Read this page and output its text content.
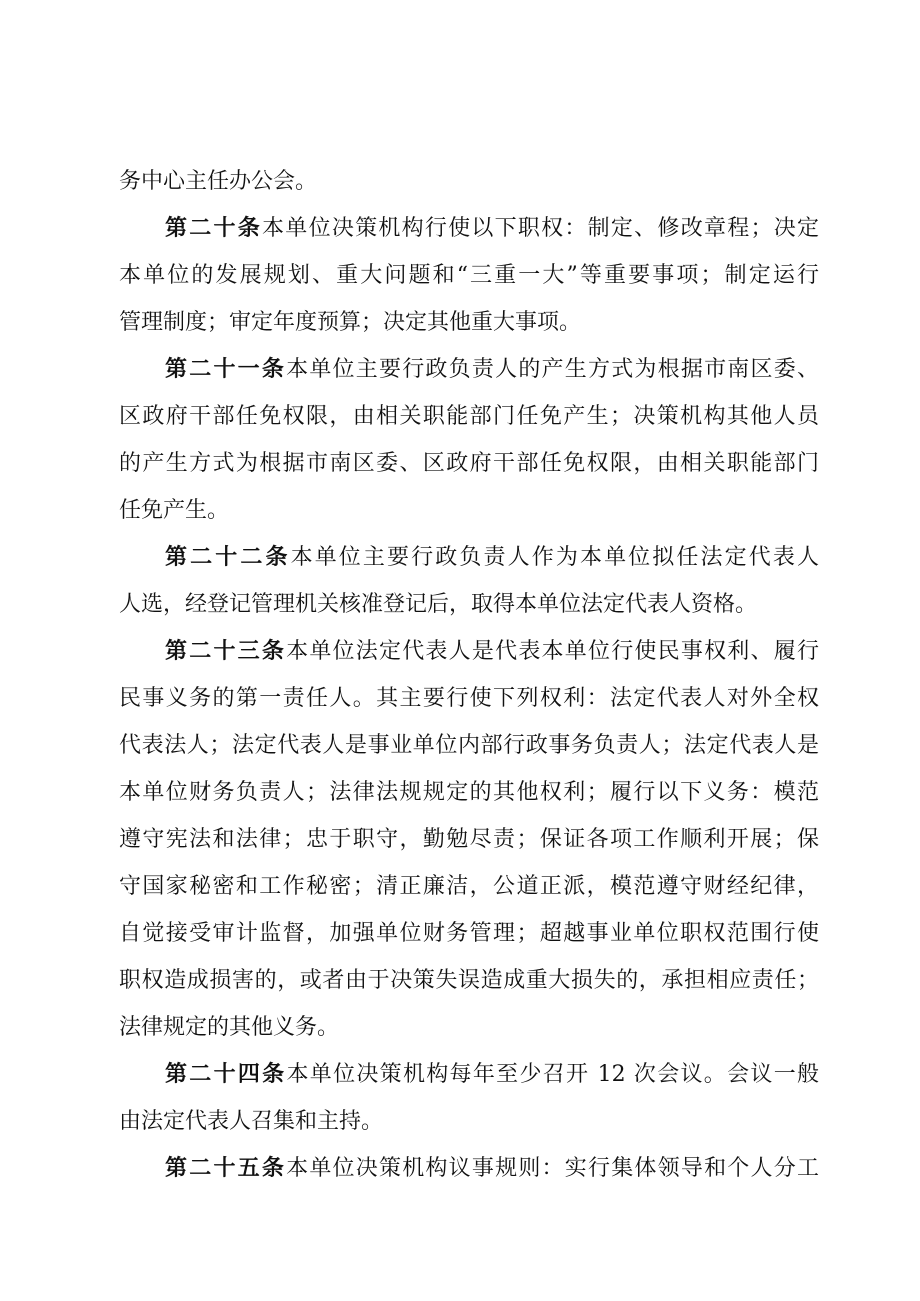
务中心主任办公会。
第二十条本单位决策机构行使以下职权：制定、修改章程；决定
本单位的发展规划、重大问题和“三重一大”等重要事项；制定运行
管理制度；审定年度预算；决定其他重大事项。
第二十一条本单位主要行政负责人的产生方式为根据市南区委、
区政府干部任免权限，由相关职能部门任免产生；决策机构其他人员
的产生方式为根据市南区委、区政府干部任免权限，由相关职能部门
任免产生。
第二十二条本单位主要行政负责人作为本单位拟任法定代表人
人选，经登记管理机关核准登记后，取得本单位法定代表人资格。
第二十三条本单位法定代表人是代表本单位行使民事权利、履行
民事义务的第一责任人。其主要行使下列权利：法定代表人对外全权
代表法人；法定代表人是事业单位内部行政事务负责人；法定代表人是
本单位财务负责人；法律法规规定的其他权利；履行以下义务：模范
遵守宪法和法律；忠于职守，勤勉尽责；保证各项工作顺利开展；保
守国家秘密和工作秘密；清正廉洁，公道正派，模范遵守财经纪律，
自觉接受审计监督，加强单位财务管理；超越事业单位职权范围行使
职权造成损害的，或者由于决策失误造成重大损失的，承担相应责任；
法律规定的其他义务。
第二十四条本单位决策机构每年至少召开 12 次会议。会议一般
由法定代表人召集和主持。
第二十五条本单位决策机构议事规则：实行集体领导和个人分工
